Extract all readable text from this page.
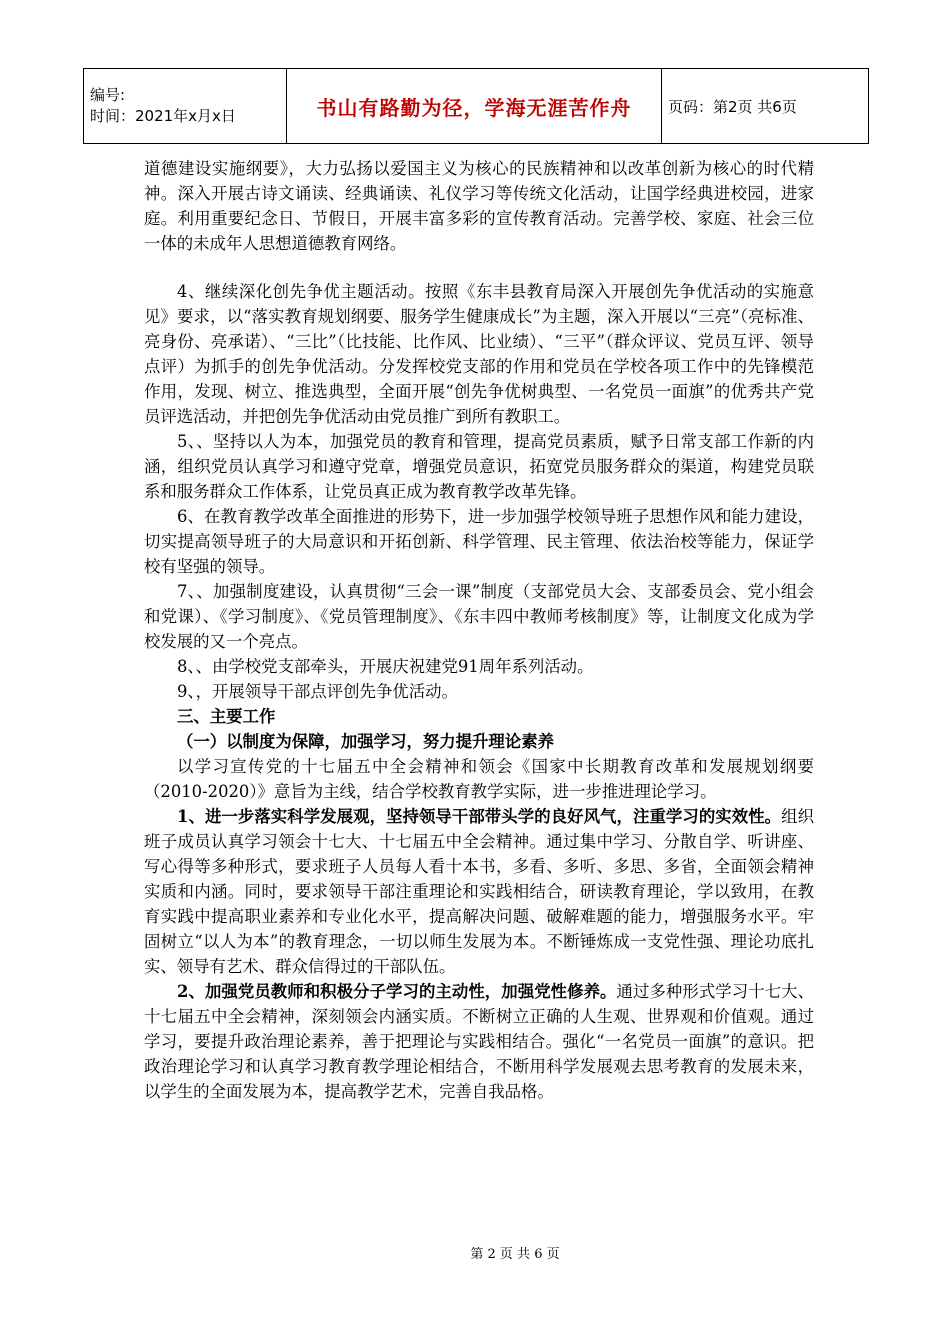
编号:
时间：2021年x月x日	书山有路勤为径，学海无涯苦作舟 页码：第2页 共6页

道德建设实施纲要》，大力弘扬以爱国主义为核心的民族精神和以改革创新为核心的时代精神。深入开展古诗文诵读、经典诵读、礼仪学习等传统文化活动，让国学经典进校园，进家庭。利用重要纪念日、节假日，开展丰富多彩的宣传教育活动。完善学校、家庭、社会三位一体的未成年人思想道德教育网络。

4、继续深化创先争优主题活动。按照《东丰县教育局深入开展创先争优活动的实施意见》要求，以“落实教育规划纲要、服务学生健康成长”为主题，深入开展以“三亮”（亮标准、亮身份、亮承诺）、“三比”（比技能、比作风、比业绩）、“三平”（群众评议、党员互评、领导点评）为抓手的创先争优活动。分发挥校党支部的作用和党员在学校各项工作中的先锋模范作用，发现、树立、推选典型，全面开展“创先争优树典型、一名党员一面旗”的优秀共产党员评选活动，并把创先争优活动由党员推广到所有教职工。

5、、坚持以人为本，加强党员的教育和管理，提高党员素质，赋予日常支部工作新的内涵，组织党员认真学习和遵守党章，增强党员意识，拓宽党员服务群众的渠道，构建党员联系和服务群众工作体系，让党员真正成为教育教学改革先锋。

6、在教育教学改革全面推进的形势下，进一步加强学校领导班子思想作风和能力建设，切实提高领导班子的大局意识和开拓创新、科学管理、民主管理、依法治校等能力，保证学校有坚强的领导。

7、、加强制度建设，认真贯彻“三会一课”制度（支部党员大会、支部委员会、党小组会和党课）、《学习制度》、《党员管理制度》、《东丰四中教师考核制度》等，让制度文化成为学校发展的又一个亮点。

8、、由学校党支部牵头，开展庆祝建党91周年系列活动。

9、，开展领导干部点评创先争优活动。

三、主要工作

（一）以制度为保障，加强学习，努力提升理论素养

以学习宣传党的十七届五中全会精神和领会《国家中长期教育改革和发展规划纲要（2010-2020）》意旨为主线，结合学校教育教学实际，进一步推进理论学习。

1、进一步落实科学发展观，坚持领导干部带头学的良好风气，注重学习的实效性。组织班子成员认真学习领会十七大、十七届五中全会精神。通过集中学习、分散自学、听讲座、写心得等多种形式，要求班子人员每人看十本书，多看、多听、多思、多省，全面领会精神实质和内涵。同时，要求领导干部注重理论和实践相结合，研读教育理论，学以致用，在教育实践中提高职业素养和专业化水平，提高解决问题、破解难题的能力，增强服务水平。牢固树立“以人为本”的教育理念，一切以师生发展为本。不断锤炼成一支党性强、理论功底扎实、领导有艺术、群众信得过的干部队伍。

2、加强党员教师和积极分子学习的主动性，加强党性修养。通过多种形式学习十七大、十七届五中全会精神，深刻领会内涵实质。不断树立正确的人生观、世界观和价值观。通过学习，要提升政治理论素养，善于把理论与实践相结合。强化“一名党员一面旗”的意识。把政治理论学习和认真学习教育教学理论相结合，不断用科学发展观去思考教育的发展未来，以学生的全面发展为本，提高教学艺术，完善自我品格。

第 2 页 共 6 页
